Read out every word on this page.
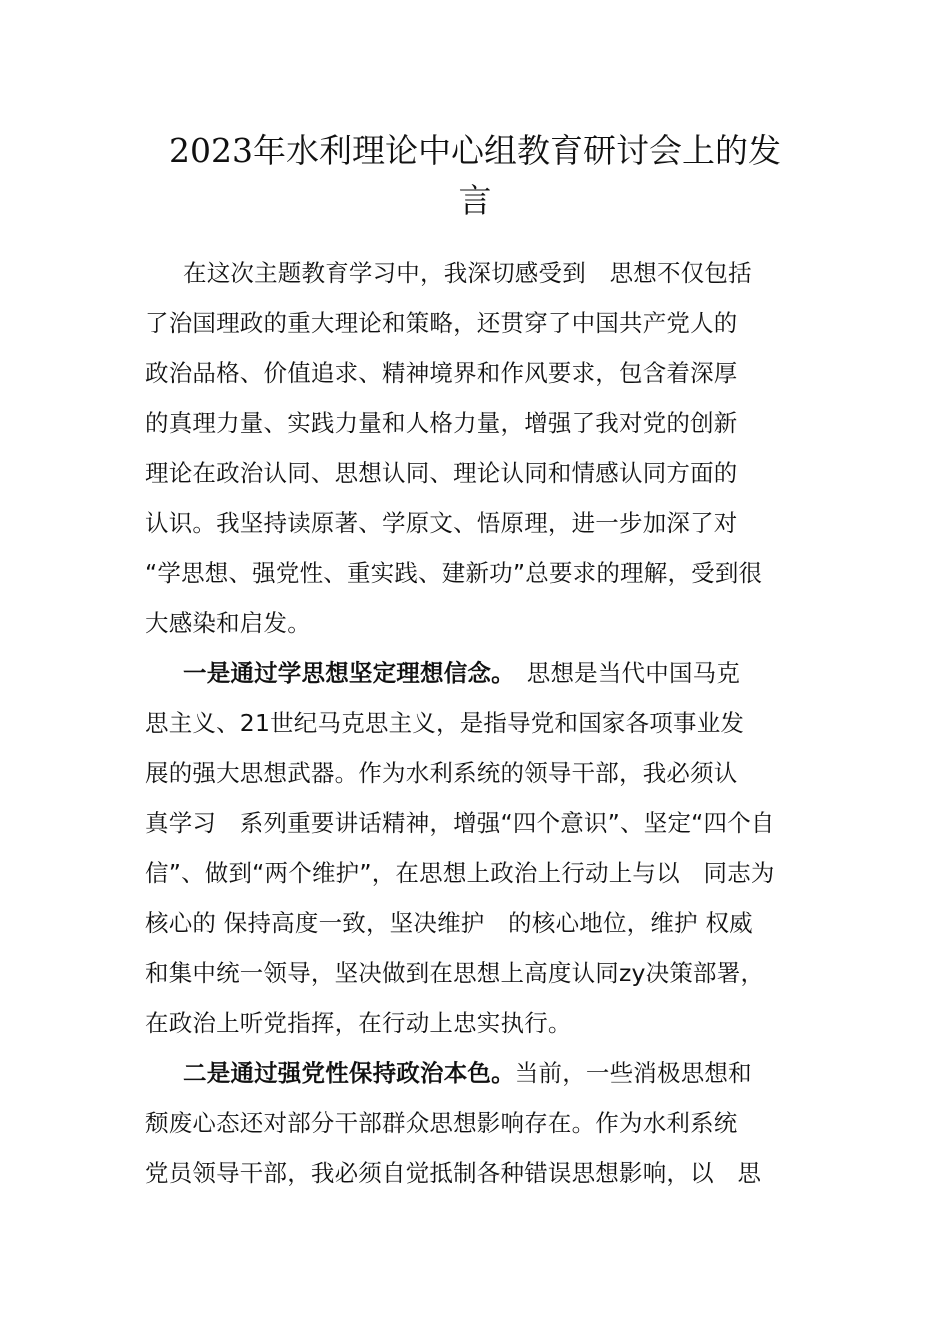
2023年水利理论中心组教育研讨会上的发
言
在这次主题教育学习中，我深切感受到　思想不仅包括
了治国理政的重大理论和策略，还贯穿了中国共产党人的
政治品格、价值追求、精神境界和作风要求，包含着深厚
的真理力量、实践力量和人格力量，增强了我对党的创新
理论在政治认同、思想认同、理论认同和情感认同方面的
认识。我坚持读原著、学原文、悟原理，进一步加深了对
“学思想、强党性、重实践、建新功”总要求的理解，受到很
大感染和启发。
一是通过学思想坚定理想信念。　思想是当代中国马克
思主义、21世纪马克思主义，是指导党和国家各项事业发
展的强大思想武器。作为水利系统的领导干部，我必须认
真学习　系列重要讲话精神，增强“四个意识”、坚定“四个自
信”、做到“两个维护”，在思想上政治上行动上与以　同志为
核心的 保持高度一致，坚决维护　的核心地位，维护 权威
和集中统一领导，坚决做到在思想上高度认同zy决策部署，
在政治上听党指挥，在行动上忠实执行。
二是通过强党性保持政治本色。当前，一些消极思想和
颓废心态还对部分干部群众思想影响存在。作为水利系统
党员领导干部，我必须自觉抵制各种错误思想影响，以　思
